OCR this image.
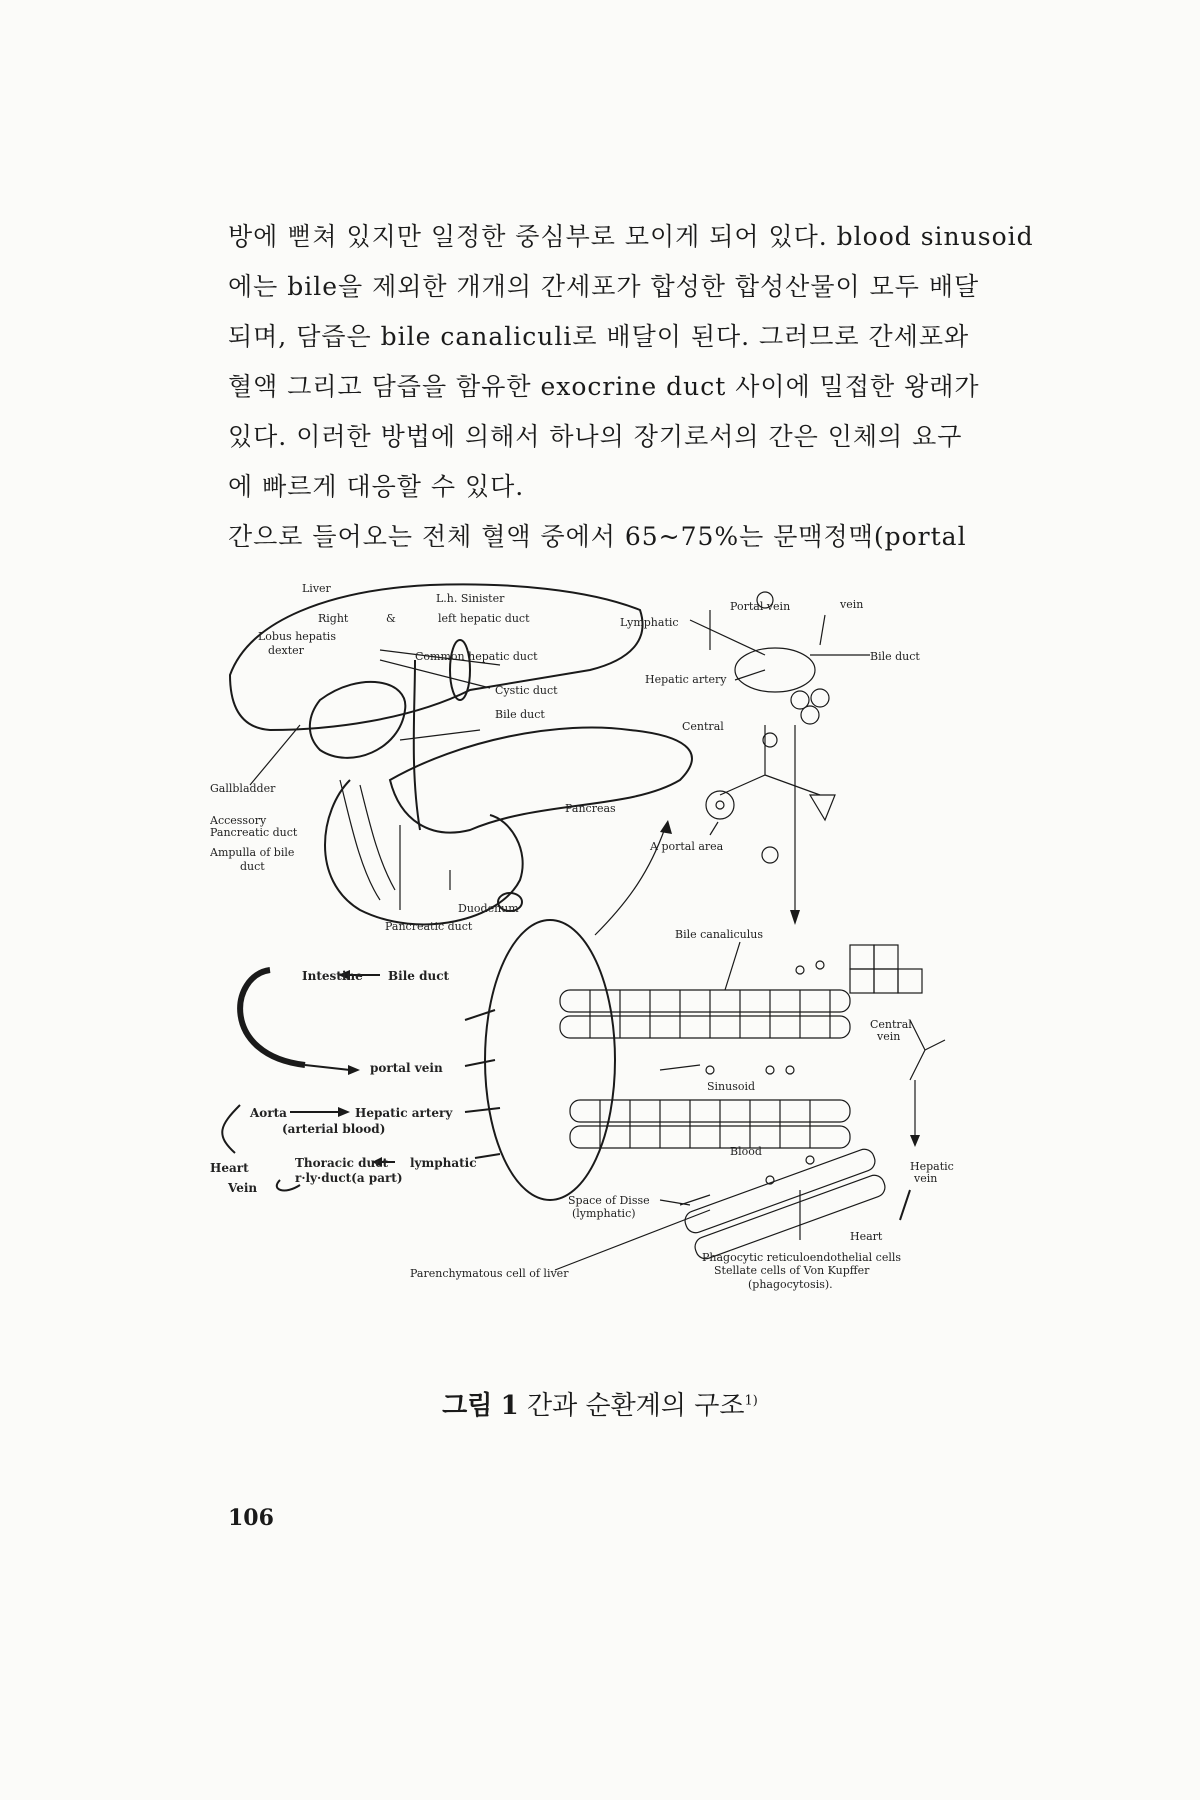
방에 뻗쳐 있지만 일정한 중심부로 모이게 되어 있다. blood sinusoid
에는 bile을 제외한 개개의 간세포가 합성한 합성산물이 모두 배달
되며, 담즙은 bile canaliculi로 배달이 된다. 그러므로 간세포와
혈액 그리고 담즙을 함유한 exocrine duct 사이에 밀접한 왕래가
있다. 이러한 방법에 의해서 하나의 장기로서의 간은 인체의 요구
에 빠르게 대응할 수 있다.
간으로 들어오는 전체 혈액 중에서 65~75%는 문맥정맥(portal
Liver
L.h. Sinister
Right	&	left hepatic duct
Lobus hepatis
dexter	Common hepatic duct
Cystic duct
Bile duct
Gallbladder
Pancreas
Accessory
Pancreatic duct
Ampulla of bile
duct
Duodenum
Pancreatic duct
Portal vein	vein
Lymphatic
Bile duct
Hepatic artery
Central
A portal area
Intestine Bile duct
portal vein
Aorta	Hepatic artery
(arterial blood)
Heart	Thoracic duct lymphatic
Vein
r·ly·duct(a part)
Bile canaliculus
Central
vein
Sinusoid
Blood
Hepatic
vein
Heart
Space of Disse
(lymphatic)
Parenchymatous cell of liver
Phagocytic reticuloendothelial cells
Stellate cells of Von Kupffer
(phagocytosis).
그림 1 간과 순환계의 구조$^{1)}$
106
